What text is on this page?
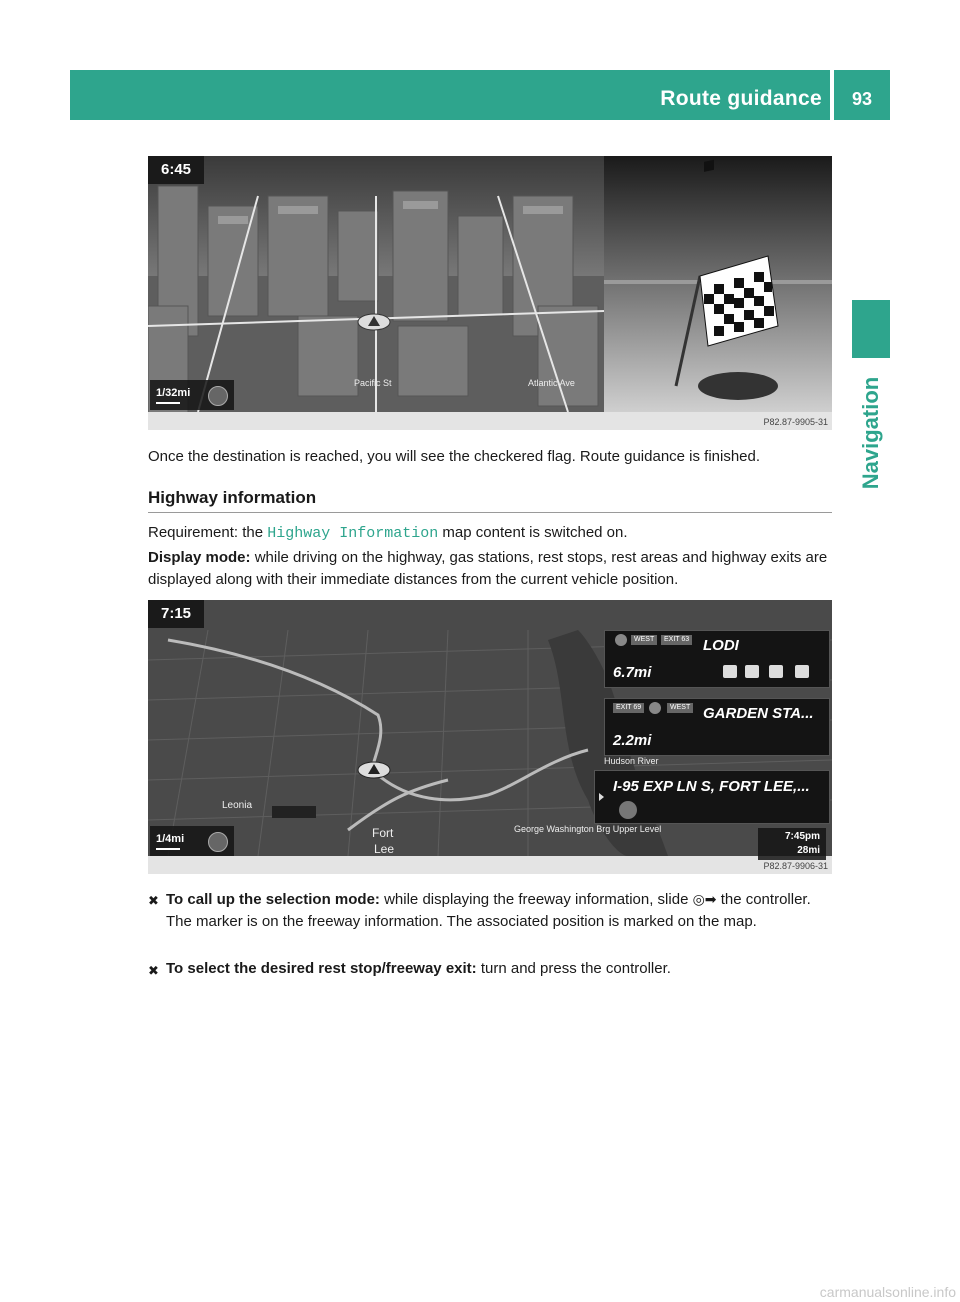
Route guidance	93
Navigation
6:45
1/32mi
Pacific St	Atlantic Ave
P82.87-9905-31
Once the destination is reached, you will see the checkered flag. Route guidance is finished.
Highway information
Requirement: the Highway Information map content is switched on.
Display mode: while driving on the highway, gas stations, rest stops, rest areas and highway exits are displayed along with their immediate distances from the current vehicle position.
7:15
WEST	EXIT 63 LODI
6.7mi
EXIT 69	WEST GARDEN STA...
2.2mi
Hudson River
I-95 EXP LN S, FORT LEE,...
George Washington Brg Upper Level
Leonia
Fort
Lee
1/4mi	7:45pm
28mi
P82.87-9906-31
✖ To call up the selection mode: while displaying the freeway information, slide ◎➡ the controller.
The marker is on the freeway information. The associated position is marked on the map.
✖ To select the desired rest stop/freeway exit: turn and press the controller.
carmanualsonline.info
